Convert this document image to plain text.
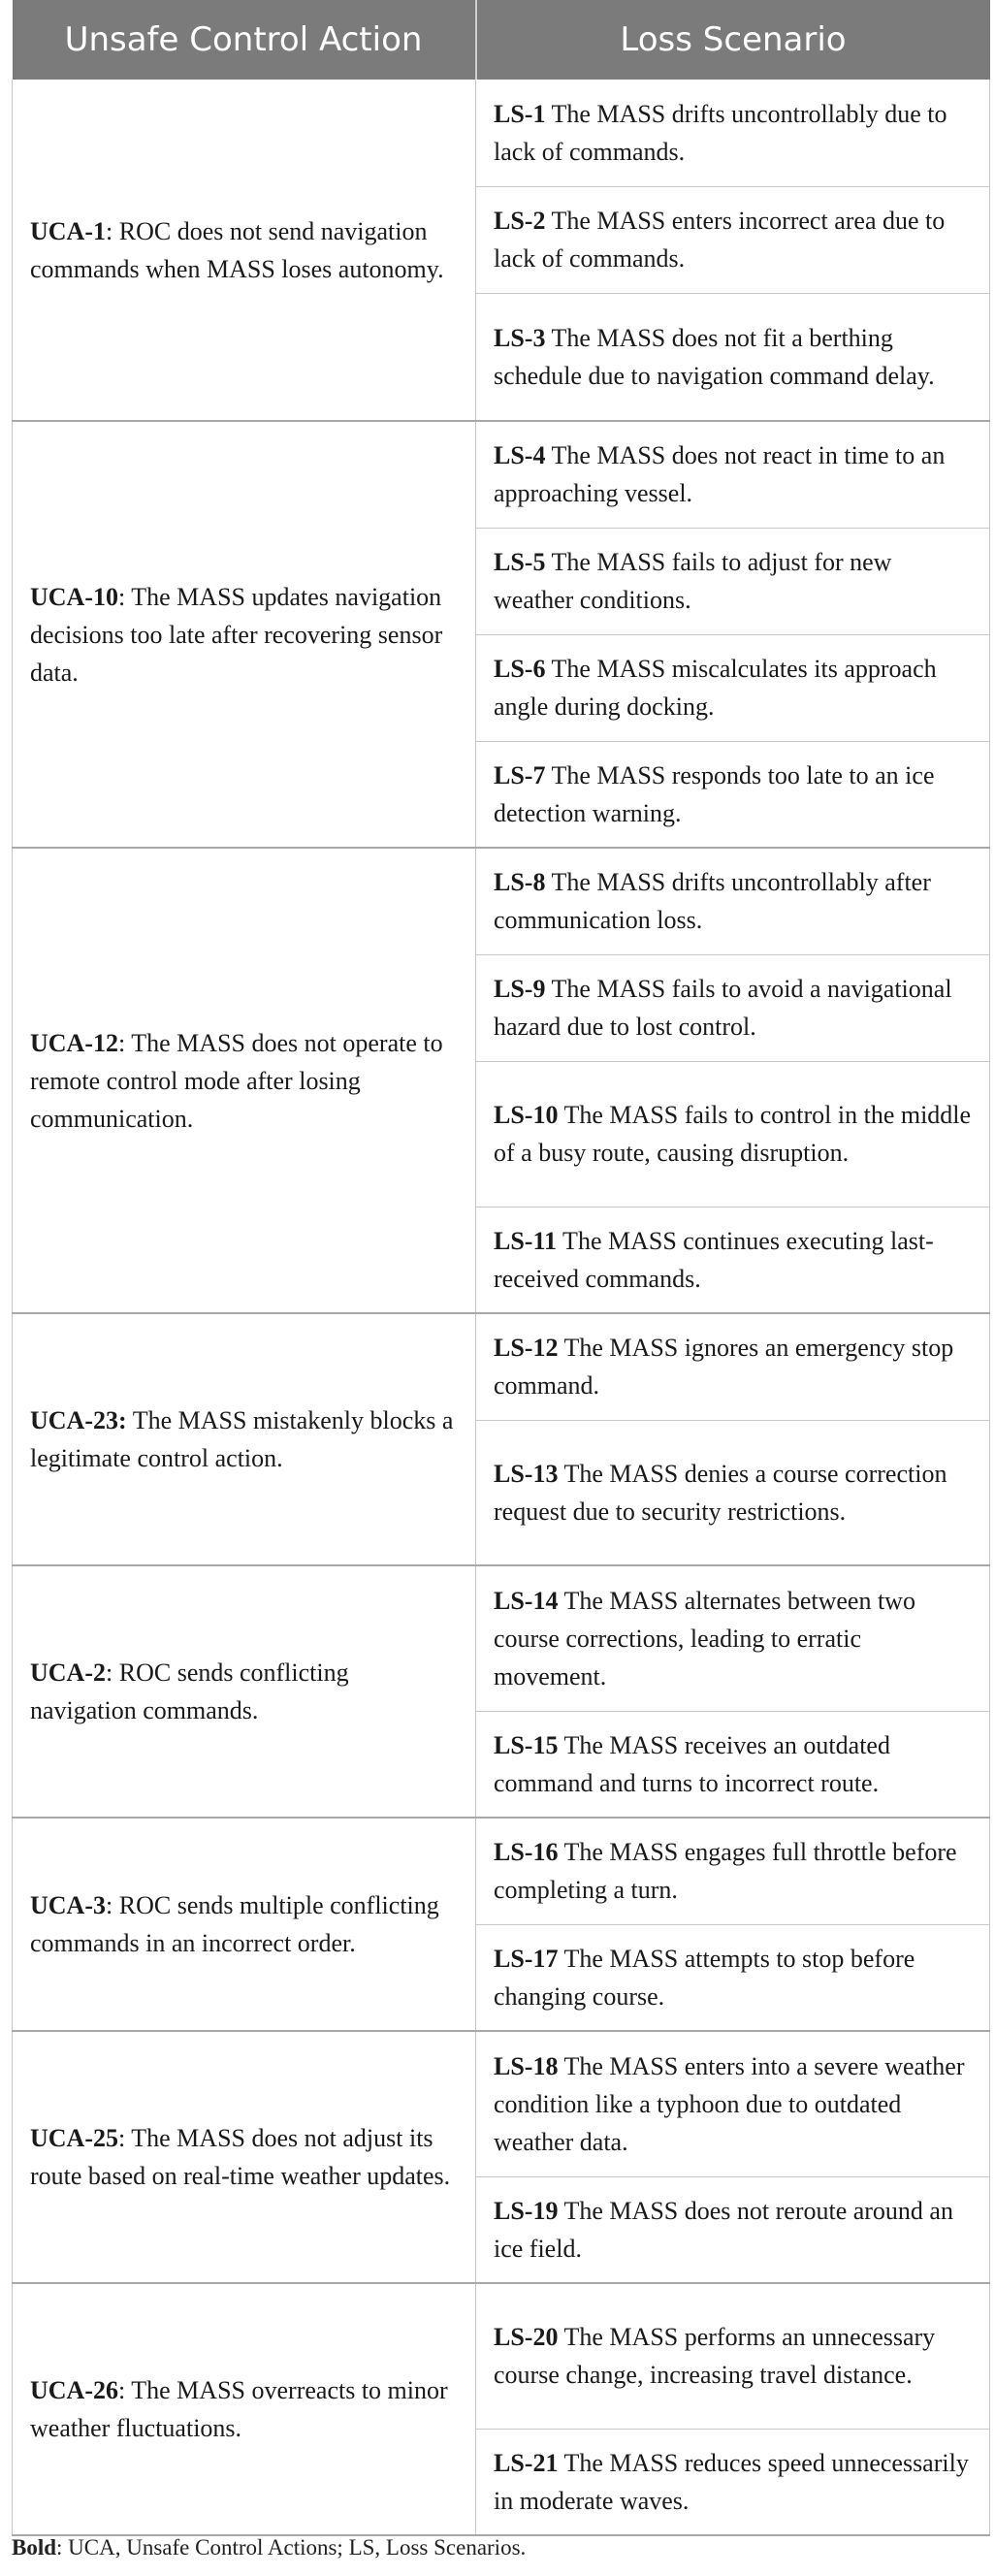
Unsafe Control Action	Loss Scenario
UCA-1: ROC does not send navigation commands when MASS loses autonomy.	LS-1 The MASS drifts uncontrollably due to lack of commands.
	LS-2 The MASS enters incorrect area due to lack of commands.
	LS-3 The MASS does not fit a berthing schedule due to navigation command delay.
UCA-10: The MASS updates navigation decisions too late after recovering sensor data.	LS-4 The MASS does not react in time to an approaching vessel.
	LS-5 The MASS fails to adjust for new weather conditions.
	LS-6 The MASS miscalculates its approach angle during docking.
	LS-7 The MASS responds too late to an ice detection warning.
UCA-12: The MASS does not operate to remote control mode after losing communication.	LS-8 The MASS drifts uncontrollably after communication loss.
	LS-9 The MASS fails to avoid a navigational hazard due to lost control.
	LS-10 The MASS fails to control in the middle of a busy route, causing disruption.
	LS-11 The MASS continues executing last-received commands.
UCA-23: The MASS mistakenly blocks a legitimate control action.	LS-12 The MASS ignores an emergency stop command.
	LS-13 The MASS denies a course correction request due to security restrictions.
UCA-2: ROC sends conflicting navigation commands.	LS-14 The MASS alternates between two course corrections, leading to erratic movement.
	LS-15 The MASS receives an outdated command and turns to incorrect route.
UCA-3: ROC sends multiple conflicting commands in an incorrect order.	LS-16 The MASS engages full throttle before completing a turn.
	LS-17 The MASS attempts to stop before changing course.
UCA-25: The MASS does not adjust its route based on real-time weather updates.	LS-18 The MASS enters into a severe weather condition like a typhoon due to outdated weather data.
	LS-19 The MASS does not reroute around an ice field.
UCA-26: The MASS overreacts to minor weather fluctuations.	LS-20 The MASS performs an unnecessary course change, increasing travel distance.
	LS-21 The MASS reduces speed unnecessarily in moderate waves.
Bold: UCA, Unsafe Control Actions; LS, Loss Scenarios.
